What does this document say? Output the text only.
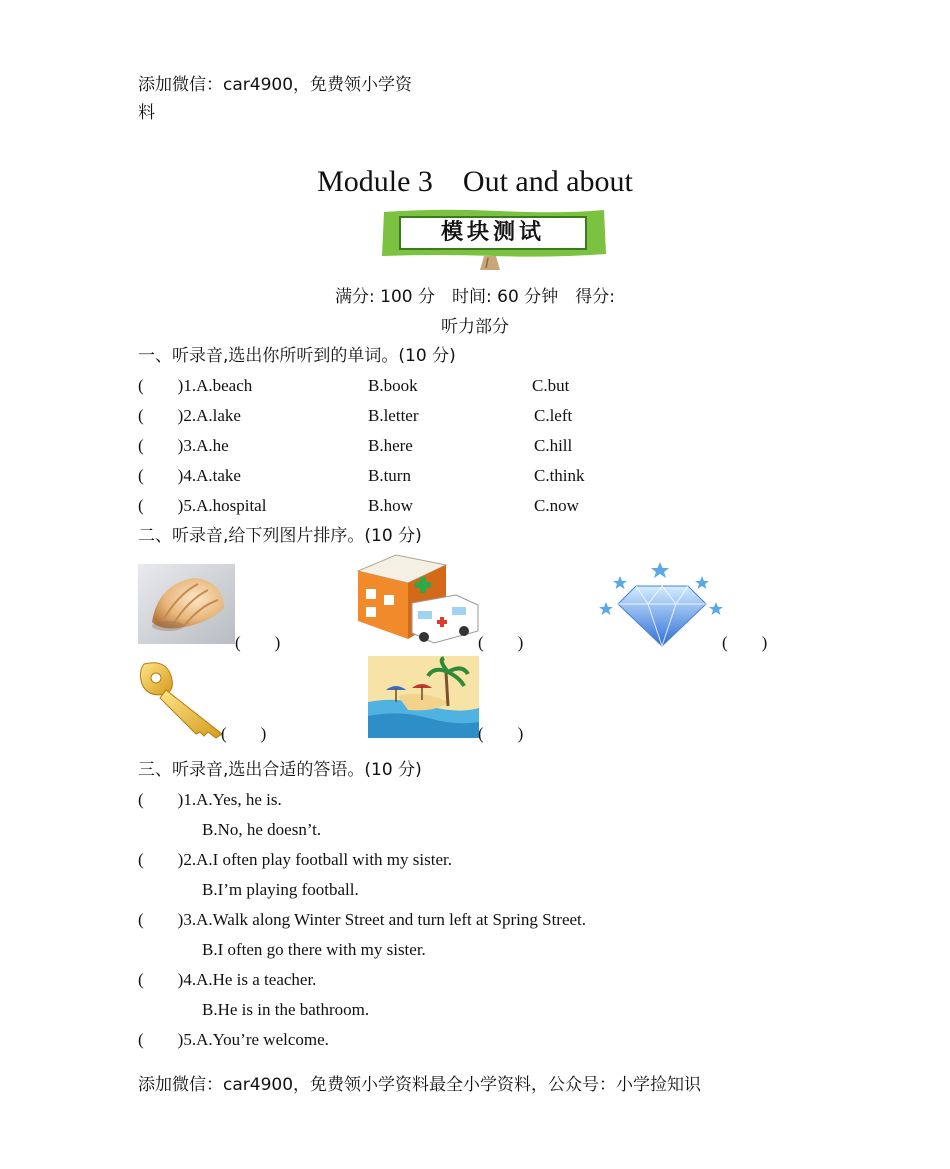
添加微信：car4900，免费领小学资
料
Module 3　Out and about
模块测试
满分: 100 分　时间: 60 分钟　得分:
听力部分
一、听录音,选出你所听到的单词。(10 分)
(　　)1.A.beach	B.book	C.but
(　　)2.A.lake	B.letter	C.left
(　　)3.A.he	B.here	C.hill
(　　)4.A.take	B.turn	C.think
(　　)5.A.hospital	B.how	C.now
二、听录音,给下列图片排序。(10 分)
(　　)	(　　)	(　　)
(　　)	(　　)
三、听录音,选出合适的答语。(10 分)
(　　)1.A.Yes, he is.
B.No, he doesn’t.
(　　)2.A.I often play football with my sister.
B.I’m playing football.
(　　)3.A.Walk along Winter Street and turn left at Spring Street.
B.I often go there with my sister.
(　　)4.A.He is a teacher.
B.He is in the bathroom.
(　　)5.A.You’re welcome.
添加微信：car4900，免费领小学资料最全小学资料，公众号：小学捡知识
